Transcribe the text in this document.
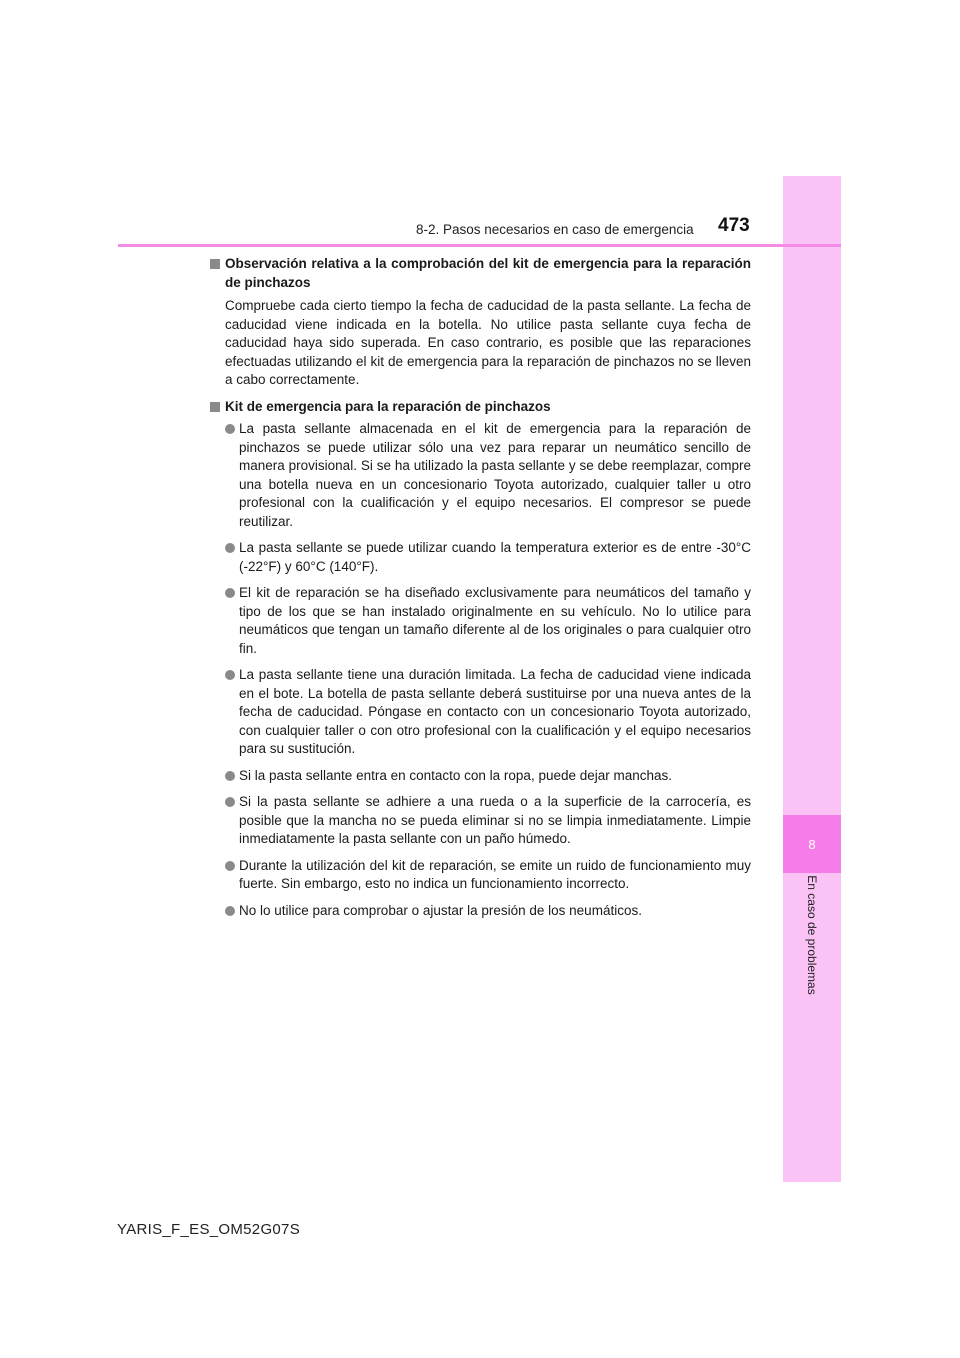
8
En caso de problemas
8-2. Pasos necesarios en caso de emergencia 473
Observación relativa a la comprobación del kit de emergencia para la reparación de pinchazos

Compruebe cada cierto tiempo la fecha de caducidad de la pasta sellante. La fecha de caducidad viene indicada en la botella. No utilice pasta sellante cuya fecha de caducidad haya sido superada. En caso contrario, es posible que las reparaciones efectuadas utilizando el kit de emergencia para la reparación de pinchazos no se lleven a cabo correctamente.

Kit de emergencia para la reparación de pinchazos
La pasta sellante almacenada en el kit de emergencia para la reparación de pinchazos se puede utilizar sólo una vez para reparar un neumático sencillo de manera provisional. Si se ha utilizado la pasta sellante y se debe reemplazar, compre una botella nueva en un concesionario Toyota autorizado, cualquier taller u otro profesional con la cualificación y el equipo necesarios. El compresor se puede reutilizar.
La pasta sellante se puede utilizar cuando la temperatura exterior es de entre -30°C (-22°F) y 60°C (140°F).
El kit de reparación se ha diseñado exclusivamente para neumáticos del tamaño y tipo de los que se han instalado originalmente en su vehículo. No lo utilice para neumáticos que tengan un tamaño diferente al de los originales o para cualquier otro fin.
La pasta sellante tiene una duración limitada. La fecha de caducidad viene indicada en el bote. La botella de pasta sellante deberá sustituirse por una nueva antes de la fecha de caducidad. Póngase en contacto con un concesionario Toyota autorizado, con cualquier taller o con otro profesional con la cualificación y el equipo necesarios para su sustitución.
Si la pasta sellante entra en contacto con la ropa, puede dejar manchas.
Si la pasta sellante se adhiere a una rueda o a la superficie de la carrocería, es posible que la mancha no se pueda eliminar si no se limpia inmediatamente. Limpie inmediatamente la pasta sellante con un paño húmedo.
Durante la utilización del kit de reparación, se emite un ruido de funcionamiento muy fuerte. Sin embargo, esto no indica un funcionamiento incorrecto.
No lo utilice para comprobar o ajustar la presión de los neumáticos.
YARIS_F_ES_OM52G07S
